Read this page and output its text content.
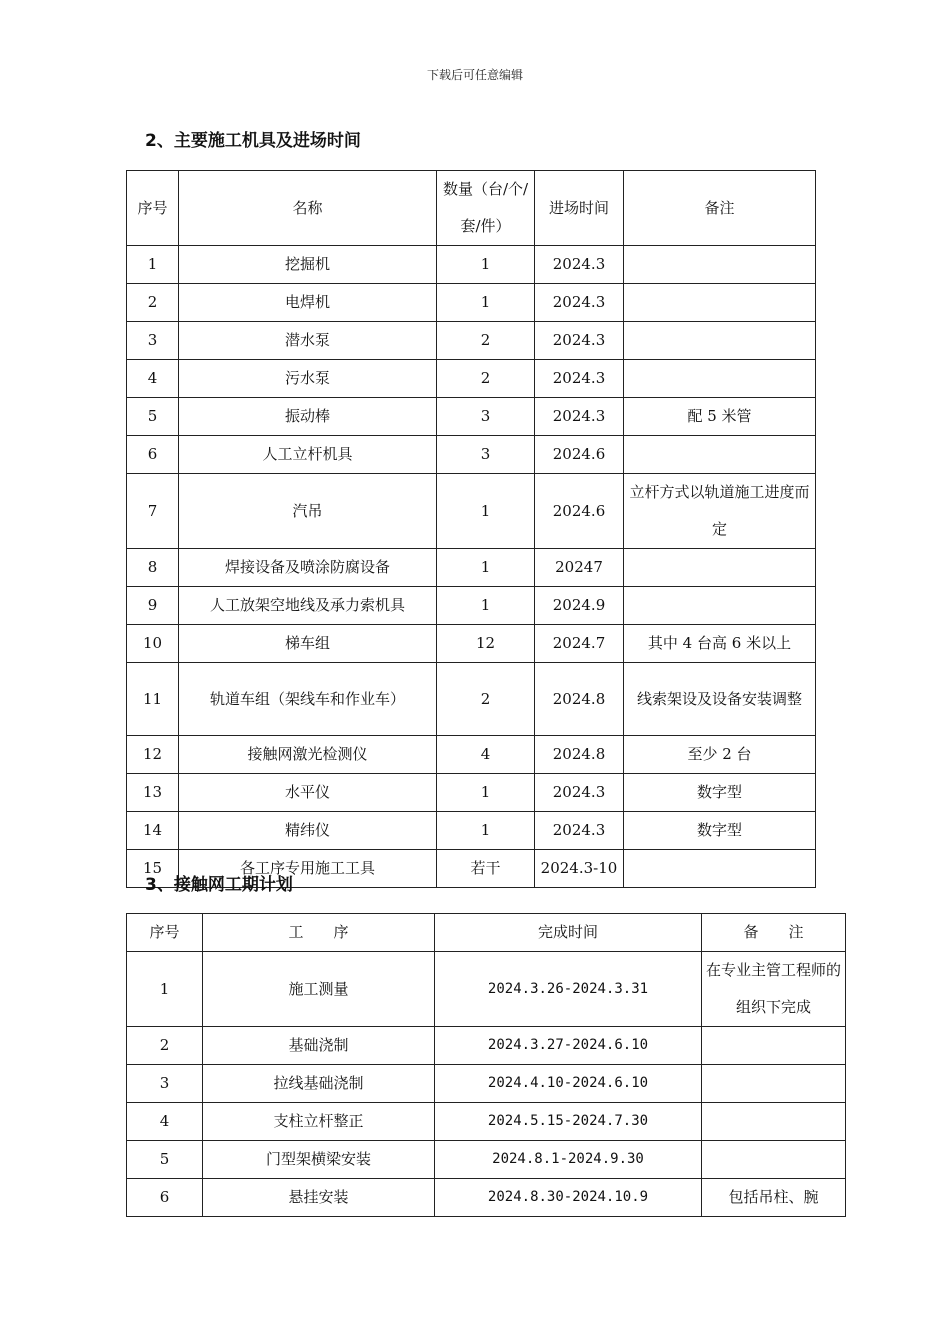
下载后可任意编辑
2、主要施工机具及进场时间
序号	名称	数量（台/个/套/件）	进场时间	备注
1	挖掘机	1	2024.3	
2	电焊机	1	2024.3	
3	潜水泵	2	2024.3	
4	污水泵	2	2024.3	
5	振动棒	3	2024.3	配 5 米管
6	人工立杆机具	3	2024.6	
7	汽吊	1	2024.6	立杆方式以轨道施工进度而定
8	焊接设备及喷涂防腐设备	1	20247	
9	人工放架空地线及承力索机具	1	2024.9	
10	梯车组	12	2024.7	其中 4 台高 6 米以上
11	轨道车组（架线车和作业车）	2	2024.8	线索架设及设备安装调整
12	接触网激光检测仪	4	2024.8	至少 2 台
13	水平仪	1	2024.3	数字型
14	精纬仪	1	2024.3	数字型
15	各工序专用施工工具	若干	2024.3-10	
3、接触网工期计划
序号	工　　序	完成时间	备　　注
1	施工测量	2024.3.26-2024.3.31	在专业主管工程师的组织下完成
2	基础浇制	2024.3.27-2024.6.10	
3	拉线基础浇制	2024.4.10-2024.6.10	
4	支柱立杆整正	2024.5.15-2024.7.30	
5	门型架横梁安装	2024.8.1-2024.9.30	
6	悬挂安装	2024.8.30-2024.10.9	包括吊柱、腕
